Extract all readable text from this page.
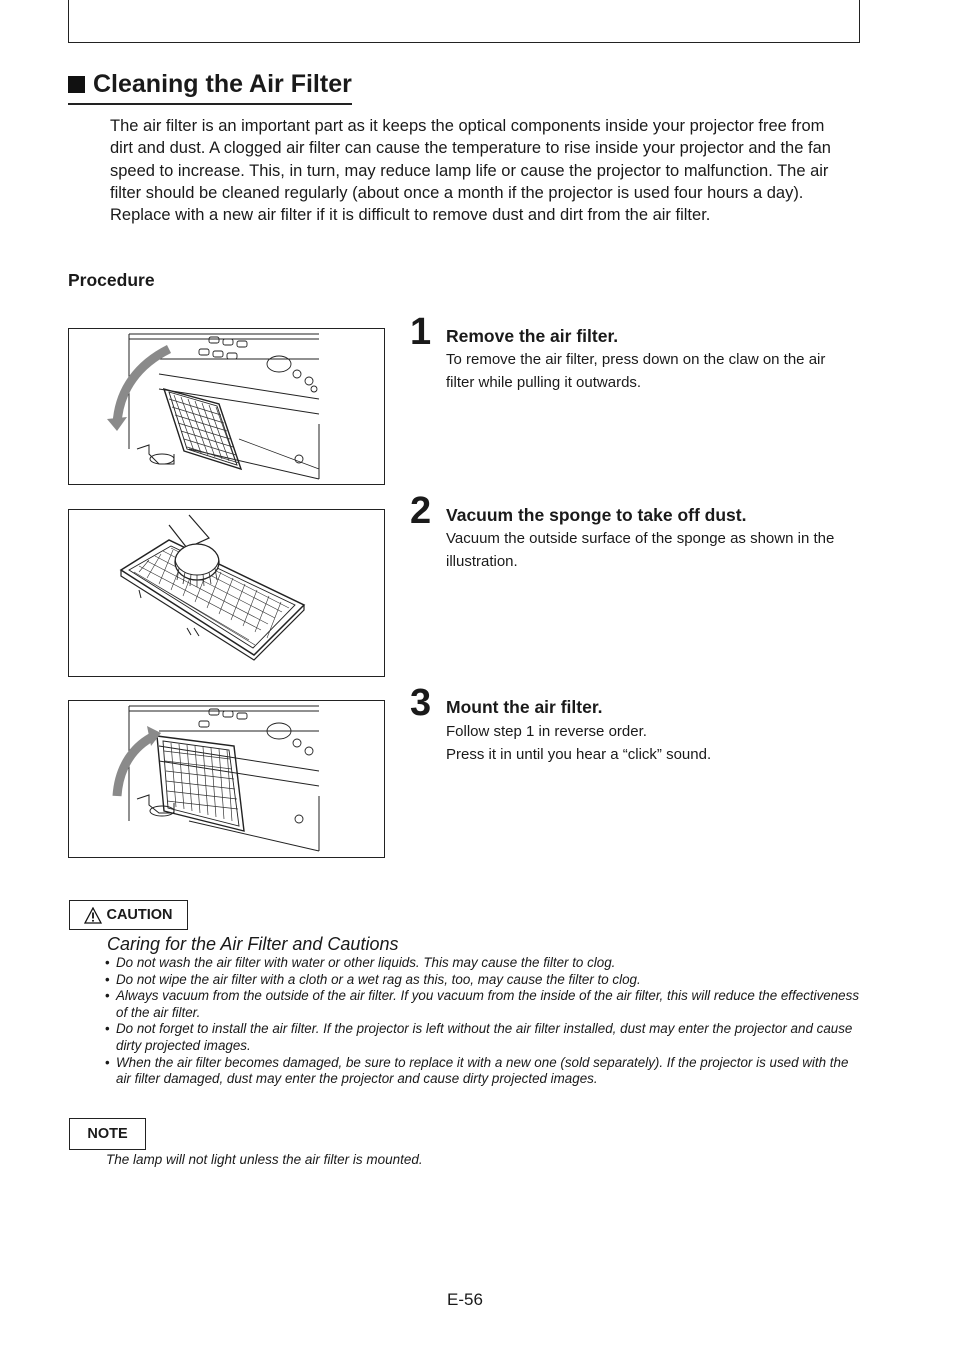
Cleaning the Air Filter

The air filter is an important part as it keeps the optical components inside your projector free from dirt and dust. A clogged air filter can cause the temperature to rise inside your projector and the fan speed to increase. This, in turn, may reduce lamp life or cause the projector to malfunction. The air filter should be cleaned regularly (about once a month if the projector is used four hours a day).

Replace with a new air filter if it is difficult to remove dust and dirt from the air filter.

Procedure
1 Remove the air filter.

To remove the air filter, press down on the claw on the air filter while pulling it outwards.

2 Vacuum the sponge to take off dust.

Vacuum the outside surface of the sponge as shown in the illustration.

3 Mount the air filter.

Follow step 1 in reverse order.

Press it in until you hear a “click” sound.

CAUTION
Caring for the Air Filter and Cautions
• Do not wash the air filter with water or other liquids. This may cause the filter to clog.
• Do not wipe the air filter with a cloth or a wet rag as this, too, may cause the filter to clog.
• Always vacuum from the outside of the air filter. If you vacuum from the inside of the air filter, this will reduce the effectiveness of the air filter.
• Do not forget to install the air filter. If the projector is left without the air filter installed, dust may enter the projector and cause dirty projected images.
• When the air filter becomes damaged, be sure to replace it with a new one (sold separately). If the projector is used with the air filter damaged, dust may enter the projector and cause dirty projected images.
NOTE
The lamp will not light unless the air filter is mounted.
E-56
